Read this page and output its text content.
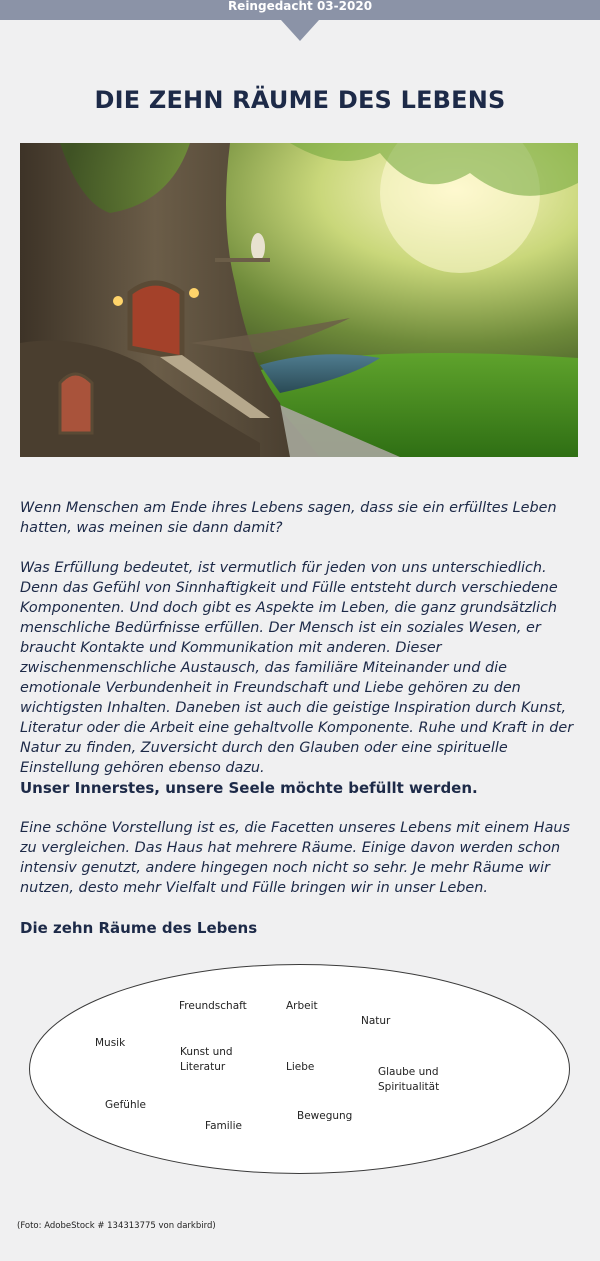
Reingedacht 03-2020
DIE ZEHN RÄUME DES LEBENS

Wenn Menschen am Ende ihres Lebens sagen, dass sie ein erfülltes Leben hatten, was meinen sie dann damit?

Was Erfüllung bedeutet, ist vermutlich für jeden von uns unterschiedlich. Denn das Gefühl von Sinnhaftigkeit und Fülle entsteht durch verschiedene Komponenten. Und doch gibt es Aspekte im Leben, die ganz grundsätzlich menschliche Bedürfnisse erfüllen. Der Mensch ist ein soziales Wesen, er braucht Kontakte und Kommunikation mit anderen. Dieser zwischenmenschliche Austausch, das familiäre Miteinander und die emotionale Verbundenheit in Freundschaft und Liebe gehören zu den wichtigsten Inhalten. Daneben ist auch die geistige Inspiration durch Kunst, Literatur oder die Arbeit eine gehaltvolle Komponente. Ruhe und Kraft in der Natur zu finden, Zuversicht durch den Glauben oder eine spirituelle Einstellung gehören ebenso dazu.

Unser Innerstes, unsere Seele möchte befüllt werden.

Eine schöne Vorstellung ist es, die Facetten unseres Lebens mit einem Haus zu vergleichen. Das Haus hat mehrere Räume. Einige davon werden schon intensiv genutzt, andere hingegen noch nicht so sehr. Je mehr Räume wir nutzen, desto mehr Vielfalt und Fülle bringen wir in unser Leben.

Die zehn Räume des Lebens

Freundschaft	Arbeit
Natur
Musik
Kunst und Literatur	Liebe	Glaube und Spiritualität
Gefühle
Bewegung
Familie
(Foto: AdobeStock # 134313775 von darkbird)
